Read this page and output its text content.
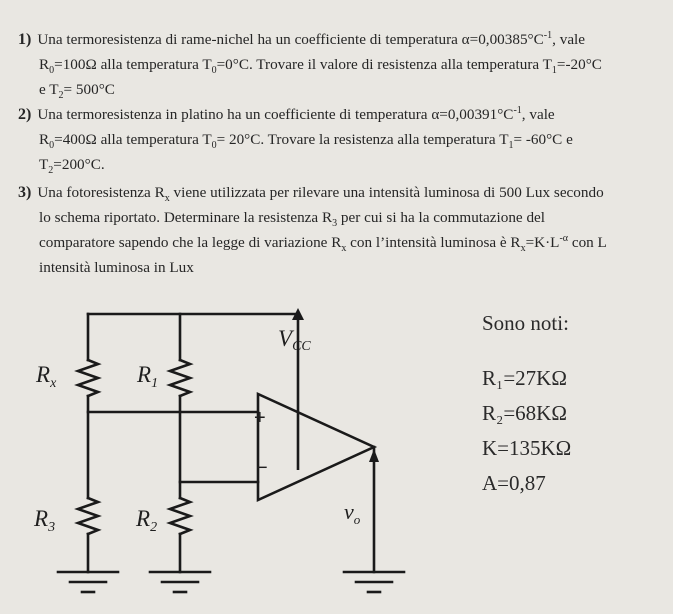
1) Una termoresistenza di rame-nichel ha un coefficiente di temperatura $\alpha=0,00385^\circ C^{-1}$, vale
$R_0=100\Omega$ alla temperatura $T_0=0^\circ C$. Trovare il valore di resistenza alla temperatura $T_1=-20^\circ C$
e $T_2= 500^\circ C$
2) Una termoresistenza in platino ha un coefficiente di temperatura $\alpha=0,00391^\circ C^{-1}$, vale
$R_0=400\Omega$ alla temperatura $T_0= 20^\circ C$. Trovare la resistenza alla temperatura $T_1= -60^\circ C$ e
$T_2=200^\circ C$.
3) Una fotoresistenza $R_x$ viene utilizzata per rilevare una intensità luminosa di 500 Lux secondo
lo schema riportato. Determinare la resistenza $R_3$ per cui si ha la commutazione del
comparatore sapendo che la legge di variazione $R_x$ con l’intensità luminosa è $R_x=K\cdot L^{-\alpha}$ con L
intensità luminosa in Lux
VCC
$R_x$	$R_1$
$R_3$	$R_2$
$v_o$
+
−
Sono noti:
R₁=27KΩ
R₂=68KΩ
K=135KΩ
A=0,87
